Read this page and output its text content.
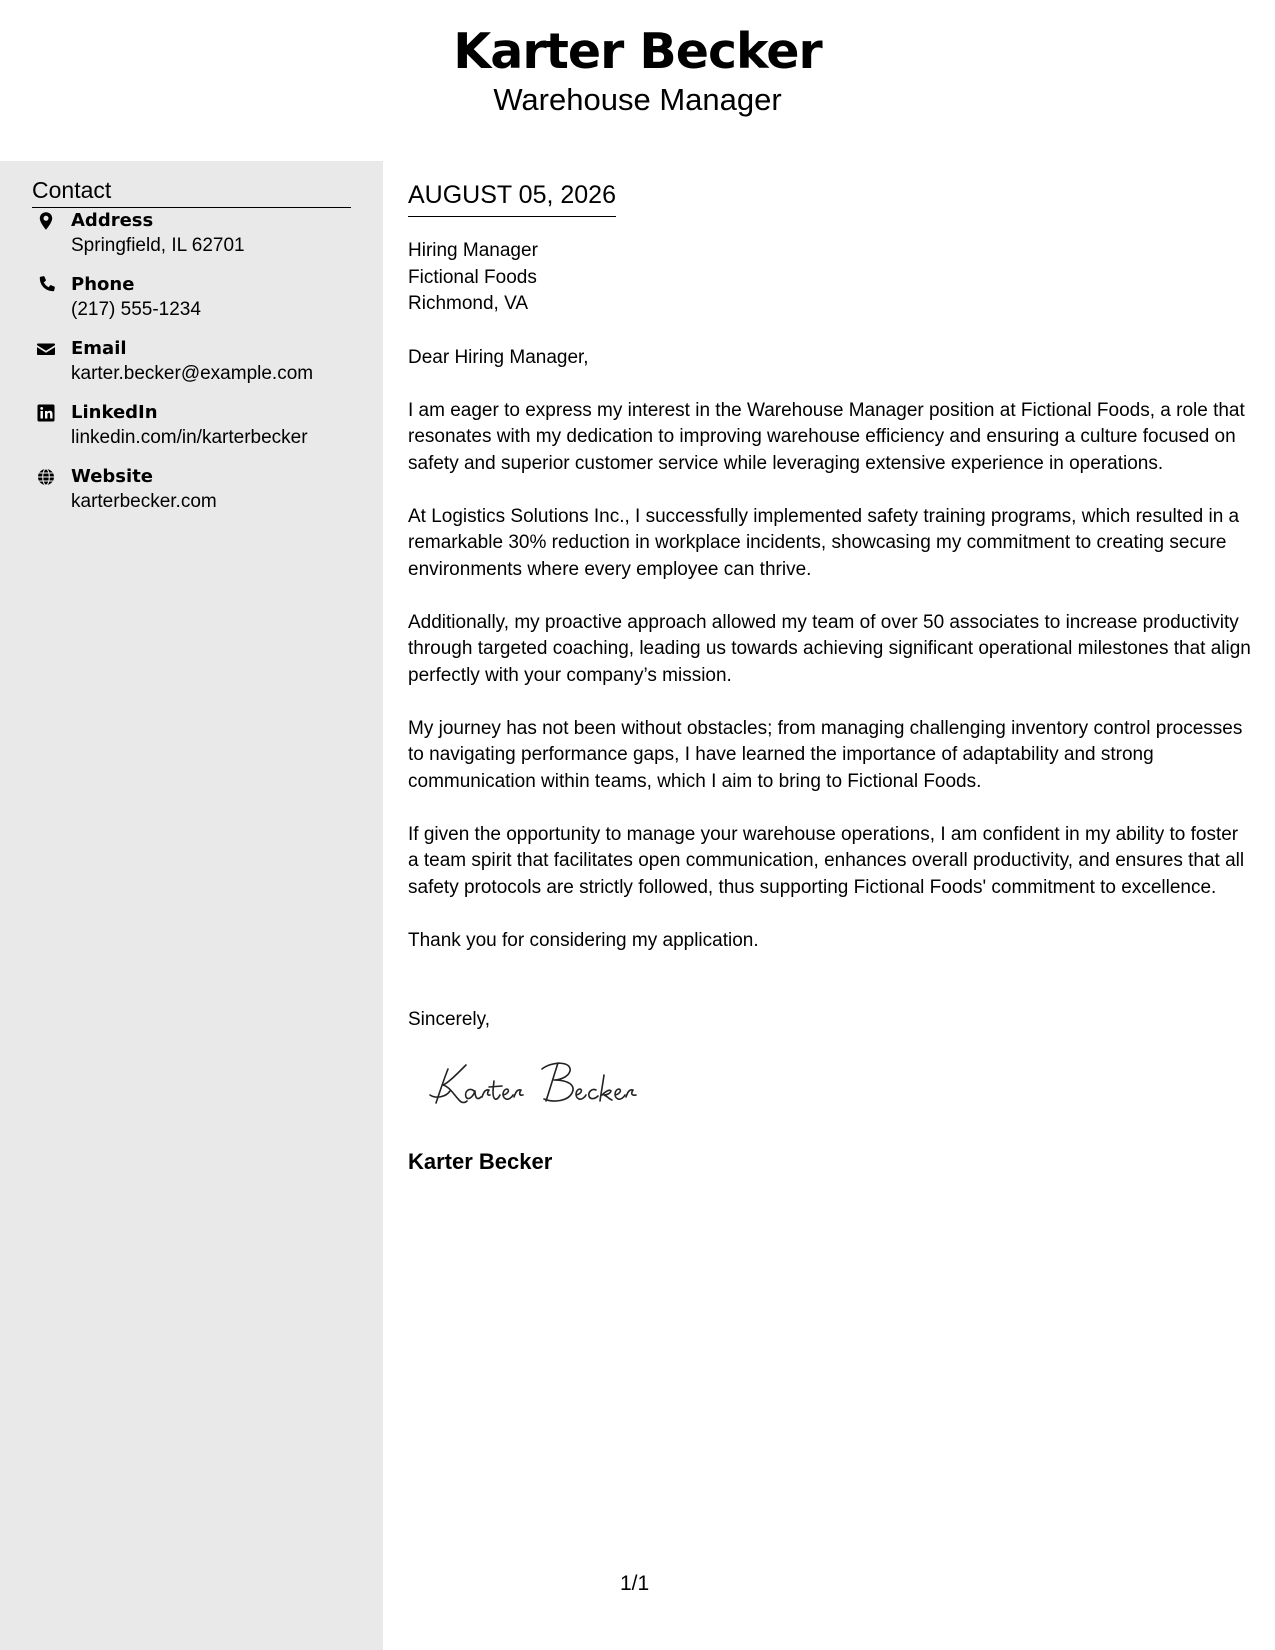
Karter Becker
Warehouse Manager
Contact
Address
Springfield, IL 62701
Phone
(217) 555-1234
Email
karter.becker@example.com
LinkedIn
linkedin.com/in/karterbecker
Website
karterbecker.com
AUGUST 05, 2026
Hiring Manager
Fictional Foods
Richmond, VA
Dear Hiring Manager,
I am eager to express my interest in the Warehouse Manager position at Fictional Foods, a role that resonates with my dedication to improving warehouse efficiency and ensuring a culture focused on safety and superior customer service while leveraging extensive experience in operations.
At Logistics Solutions Inc., I successfully implemented safety training programs, which resulted in a remarkable 30% reduction in workplace incidents, showcasing my commitment to creating secure environments where every employee can thrive.
Additionally, my proactive approach allowed my team of over 50 associates to increase productivity through targeted coaching, leading us towards achieving significant operational milestones that align perfectly with your company’s mission.
My journey has not been without obstacles; from managing challenging inventory control processes to navigating performance gaps, I have learned the importance of adaptability and strong communication within teams, which I aim to bring to Fictional Foods.
If given the opportunity to manage your warehouse operations, I am confident in my ability to foster a team spirit that facilitates open communication, enhances overall productivity, and ensures that all safety protocols are strictly followed, thus supporting Fictional Foods' commitment to excellence.
Thank you for considering my application.
Sincerely,
Karter Becker
1/1
